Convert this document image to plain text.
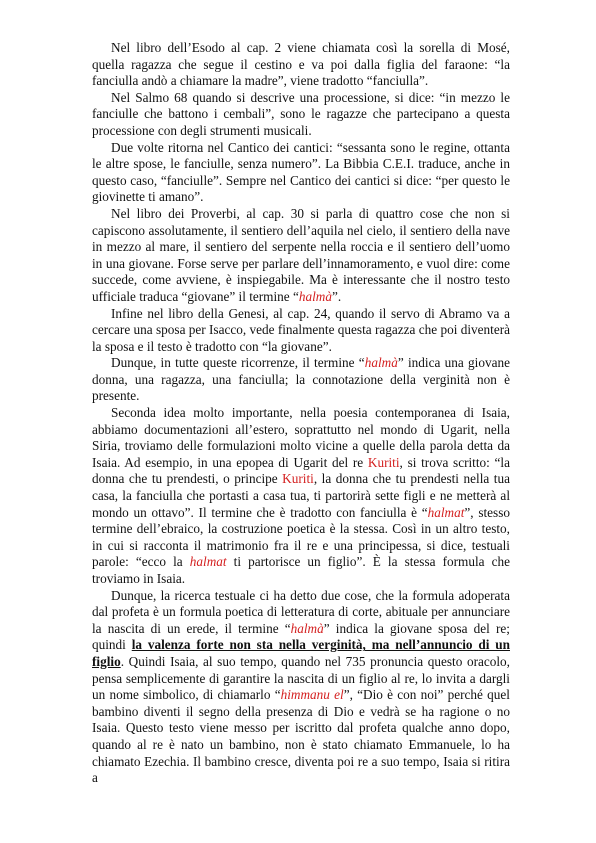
Nel libro dell’Esodo al cap. 2 viene chiamata così la sorella di Mosé, quella ragazza che segue il cestino e va poi dalla figlia del faraone: “la fanciulla andò a chiamare la madre”, viene tradotto “fanciulla”.

Nel Salmo 68 quando si descrive una processione, si dice: “in mezzo le fanciulle che battono i cembali”, sono le ragazze che partecipano a questa processione con degli strumenti musicali.

Due volte ritorna nel Cantico dei cantici: “sessanta sono le regine, ottanta le altre spose, le fanciulle, senza numero”. La Bibbia C.E.I. traduce, anche in questo caso, “fanciulle”. Sempre nel Cantico dei cantici si dice: “per questo le giovinette ti amano”.

Nel libro dei Proverbi, al cap. 30 si parla di quattro cose che non si capiscono assolutamente, il sentiero dell’aquila nel cielo, il sentiero della nave in mezzo al mare, il sentiero del serpente nella roccia e il sentiero dell’uomo in una giovane. Forse serve per parlare dell’innamoramento, e vuol dire: come succede, come avviene, è inspiegabile. Ma è interessante che il nostro testo ufficiale traduca “giovane” il termine “halmà”.

Infine nel libro della Genesi, al cap. 24, quando il servo di Abramo va a cercare una sposa per Isacco, vede finalmente questa ragazza che poi diventerà la sposa e il testo è tradotto con “la giovane”.

Dunque, in tutte queste ricorrenze, il termine “halmà” indica una giovane donna, una ragazza, una fanciulla; la connotazione della verginità non è presente.

Seconda idea molto importante, nella poesia contemporanea di Isaia, abbiamo documentazioni all’estero, soprattutto nel mondo di Ugarit, nella Siria, troviamo delle formulazioni molto vicine a quelle della parola detta da Isaia. Ad esempio, in una epopea di Ugarit del re Kuriti, si trova scritto: “la donna che tu prendesti, o principe Kuriti, la donna che tu prendesti nella tua casa, la fanciulla che portasti a casa tua, ti partorirà sette figli e ne metterà al mondo un ottavo”. Il termine che è tradotto con fanciulla è “halmat”, stesso termine dell’ebraico, la costruzione poetica è la stessa. Così in un altro testo, in cui si racconta il matrimonio fra il re e una principessa, si dice, testuali parole: “ecco la halmat ti partorisce un figlio”. È la stessa formula che troviamo in Isaia.

Dunque, la ricerca testuale ci ha detto due cose, che la formula adoperata dal profeta è un formula poetica di letteratura di corte, abituale per annunciare la nascita di un erede, il termine “halmà” indica la giovane sposa del re; quindi la valenza forte non sta nella verginità, ma nell’annuncio di un figlio. Quindi Isaia, al suo tempo, quando nel 735 pronuncia questo oracolo, pensa semplicemente di garantire la nascita di un figlio al re, lo invita a dargli un nome simbolico, di chiamarlo “himmanu el”, “Dio è con noi” perché quel bambino diventi il segno della presenza di Dio e vedrà se ha ragione o no Isaia. Questo testo viene messo per iscritto dal profeta qualche anno dopo, quando al re è nato un bambino, non è stato chiamato Emmanuele, lo ha chiamato Ezechia. Il bambino cresce, diventa poi re a suo tempo, Isaia si ritira a
